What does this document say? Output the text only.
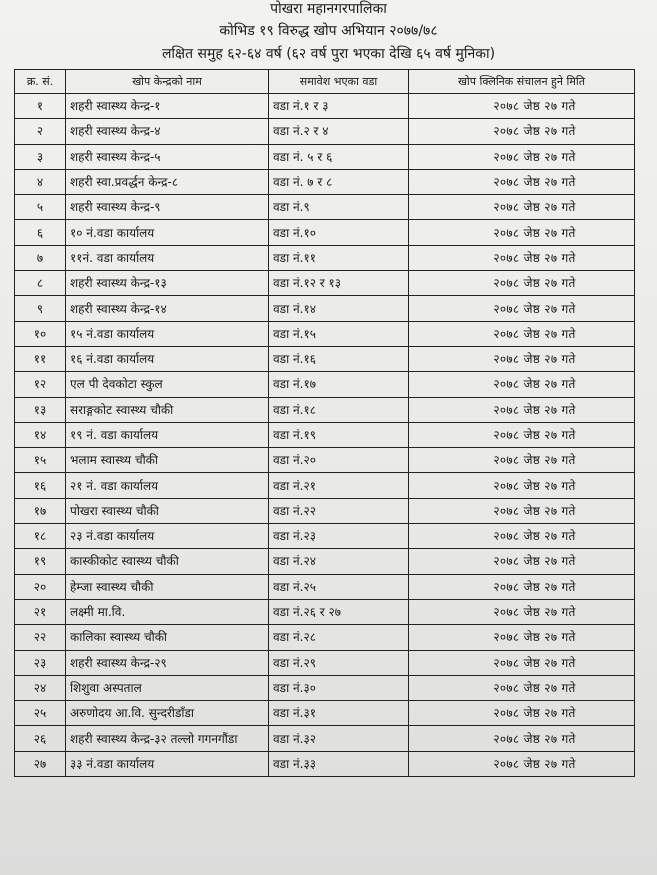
पोखरा महानगरपालिका
कोभिड १९ विरुद्ध खोप अभियान २०७७/७८
लक्षित समुह ६२-६४ वर्ष (६२ वर्ष पुरा भएका देखि ६५ वर्ष मुनिका)
क्र. सं.	खोप केन्द्रको नाम	समावेश भएका वडा	खोप क्लिनिक संचालन हुने मिति
१	शहरी स्वास्थ्य केन्द्र-१	वडा नं.१ र ३	२०७८ जेष्ठ २७ गते
२	शहरी स्वास्थ्य केन्द्र-४	वडा नं.२ र ४	२०७८ जेष्ठ २७ गते
३	शहरी स्वास्थ्य केन्द्र-५	वडा नं. ५ र ६	२०७८ जेष्ठ २७ गते
४	शहरी स्वा.प्रवर्द्धन केन्द्र-८	वडा नं. ७ र ८	२०७८ जेष्ठ २७ गते
५	शहरी स्वास्थ्य केन्द्र-९	वडा नं.९	२०७८ जेष्ठ २७ गते
६	१० नं.वडा कार्यालय	वडा नं.१०	२०७८ जेष्ठ २७ गते
७	११नं. वडा कार्यालय	वडा नं.११	२०७८ जेष्ठ २७ गते
८	शहरी स्वास्थ्य केन्द्र-१३	वडा नं.१२ र १३	२०७८ जेष्ठ २७ गते
९	शहरी स्वास्थ्य केन्द्र-१४	वडा नं.१४	२०७८ जेष्ठ २७ गते
१०	१५ नं.वडा कार्यालय	वडा नं.१५	२०७८ जेष्ठ २७ गते
११	१६ नं.वडा कार्यालय	वडा नं.१६	२०७८ जेष्ठ २७ गते
१२	एल पी देवकोटा स्कुल	वडा नं.१७	२०७८ जेष्ठ २७ गते
१३	सराङ्गकोट स्वास्थ्य चौकी	वडा नं.१८	२०७८ जेष्ठ २७ गते
१४	१९ नं. वडा कार्यालय	वडा नं.१९	२०७८ जेष्ठ २७ गते
१५	भलाम स्वास्थ्य चौकी	वडा नं.२०	२०७८ जेष्ठ २७ गते
१६	२१ नं. वडा कार्यालय	वडा नं.२१	२०७८ जेष्ठ २७ गते
१७	पोखरा स्वास्थ्य चौकी	वडा नं.२२	२०७८ जेष्ठ २७ गते
१८	२३ नं.वडा कार्यालय	वडा नं.२३	२०७८ जेष्ठ २७ गते
१९	कास्कीकोट स्वास्थ्य चौकी	वडा नं.२४	२०७८ जेष्ठ २७ गते
२०	हेम्जा स्वास्थ्य चौकी	वडा नं.२५	२०७८ जेष्ठ २७ गते
२१	लक्ष्मी मा.वि.	वडा नं.२६ र २७	२०७८ जेष्ठ २७ गते
२२	कालिका स्वास्थ्य चौकी	वडा नं.२८	२०७८ जेष्ठ २७ गते
२३	शहरी स्वास्थ्य केन्द्र-२९	वडा नं.२९	२०७८ जेष्ठ २७ गते
२४	शिशुवा अस्पताल	वडा नं.३०	२०७८ जेष्ठ २७ गते
२५	अरुणोदय आ.वि. सुन्दरीडाँडा	वडा नं.३१	२०७८ जेष्ठ २७ गते
२६	शहरी स्वास्थ्य केन्द्र-३२ तल्लो गगनगौंडा	वडा नं.३२	२०७८ जेष्ठ २७ गते
२७	३३ नं.वडा कार्यालय	वडा नं.३३	२०७८ जेष्ठ २७ गते
